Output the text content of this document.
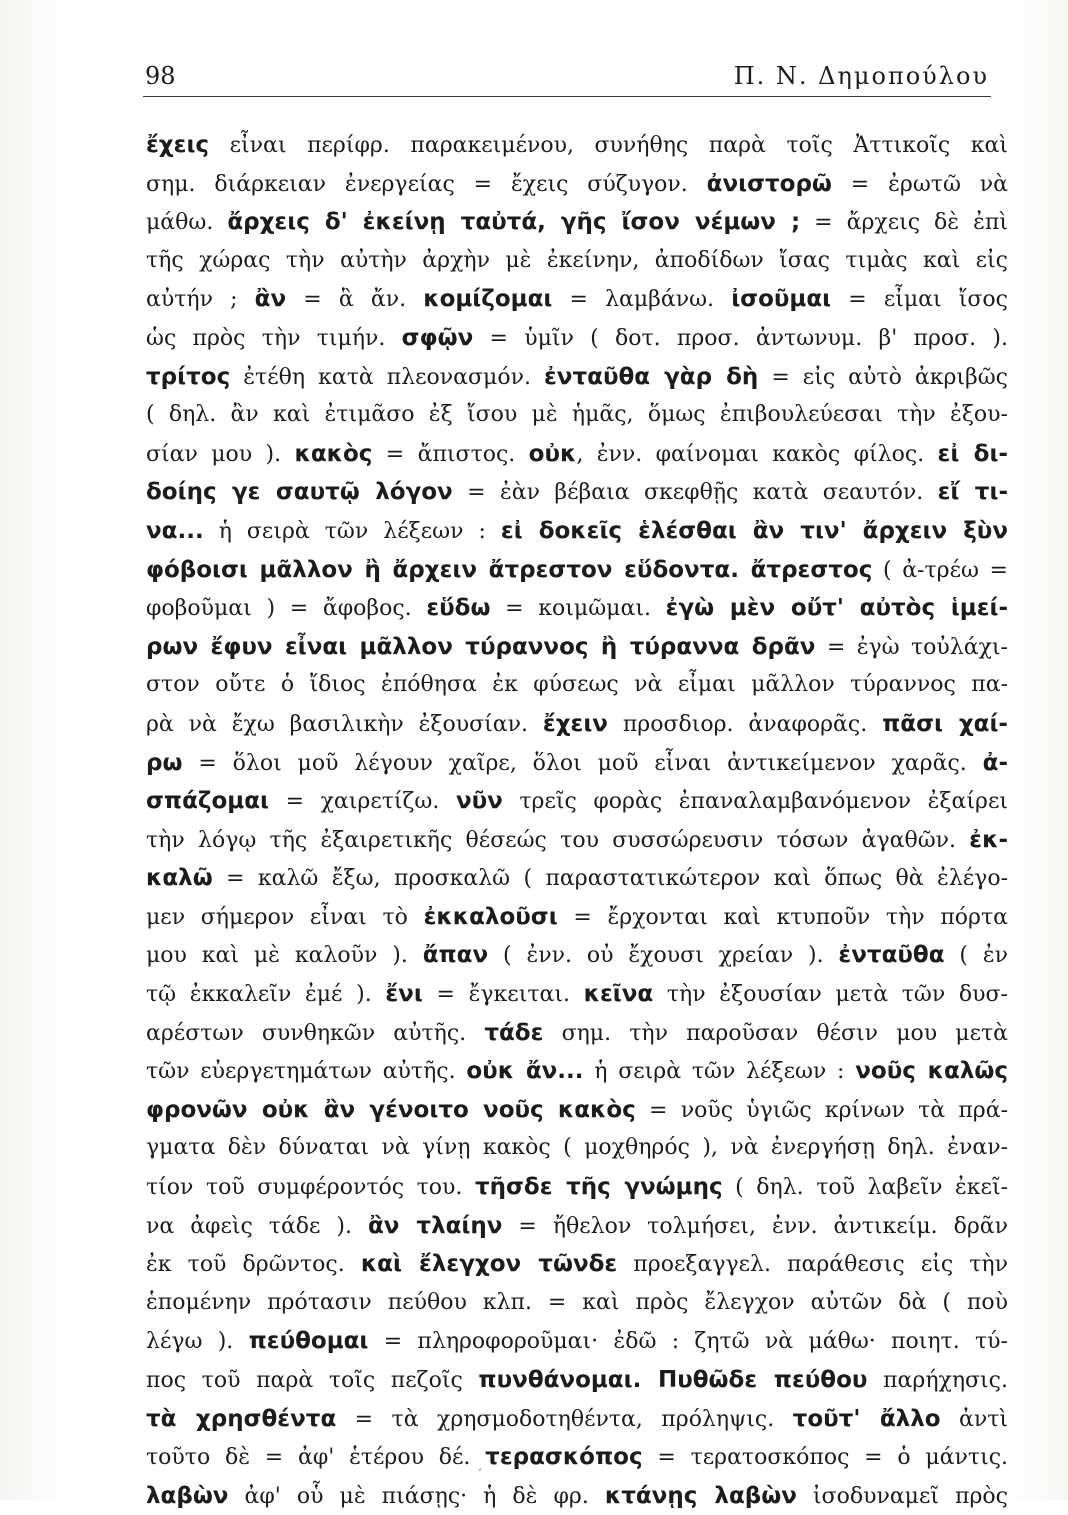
98	Π. Ν. Δημοπούλου
ἔχεις εἶναι περίφρ. παρακειμένου, συνήθης παρὰ τοῖς Ἀττικοῖς καὶ
σημ. διάρκειαν ἐνεργείας = ἔχεις σύζυγον. ἀνιστορῶ = ἐρωτῶ νὰ
μάθω. ἄρχεις δ' ἐκείνῃ ταὐτά, γῆς ἴσον νέμων ; = ἄρχεις δὲ ἐπὶ
τῆς χώρας τὴν αὐτὴν ἀρχὴν μὲ ἐκείνην, ἀποδίδων ἴσας τιμὰς καὶ εἰς
αὐτήν ; ἂν = ἃ ἄν. κομίζομαι = λαμβάνω. ἰσοῦμαι = εἶμαι ἴσος
ὡς πρὸς τὴν τιμήν. σφῷν = ὑμῖν ( δοτ. προσ. ἀντωνυμ. β' προσ. ).
τρίτος ἐτέθη κατὰ πλεονασμόν. ἐνταῦθα γὰρ δὴ = εἰς αὐτὸ ἀκριβῶς
( δηλ. ἂν καὶ ἐτιμᾶσο ἐξ ἴσου μὲ ἡμᾶς, ὅμως ἐπιβουλεύεσαι τὴν ἐξου-
σίαν μου ). κακὸς = ἄπιστος. οὐκ, ἐνν. φαίνομαι κακὸς φίλος. εἰ δι-
δοίης γε σαυτῷ λόγον = ἐὰν βέβαια σκεφθῇς κατὰ σεαυτόν. εἴ τι-
να... ἡ σειρὰ τῶν λέξεων : εἰ δοκεῖς ἑλέσθαι ἂν τιν' ἄρχειν ξὺν
φόβοισι μᾶλλον ἢ ἄρχειν ἄτρεστον εὕδοντα. ἄτρεστος ( ἀ-τρέω =
φοβοῦμαι ) = ἄφοβος. εὕδω = κοιμῶμαι. ἐγὼ μὲν οὔτ' αὐτὸς ἱμεί-
ρων ἔφυν εἶναι μᾶλλον τύραννος ἢ τύραννα δρᾶν = ἐγὼ τοὐλάχι-
στον οὔτε ὁ ἴδιος ἐπόθησα ἐκ φύσεως νὰ εἶμαι μᾶλλον τύραννος πα-
ρὰ νὰ ἔχω βασιλικὴν ἐξουσίαν. ἔχειν προσδιορ. ἀναφορᾶς. πᾶσι χαί-
ρω = ὅλοι μοῦ λέγουν χαῖρε, ὅλοι μοῦ εἶναι ἀντικείμενον χαρᾶς. ἀ-
σπάζομαι = χαιρετίζω. νῦν τρεῖς φορὰς ἐπαναλαμβανόμενον ἐξαίρει
τὴν λόγῳ τῆς ἐξαιρετικῆς θέσεώς του συσσώρευσιν τόσων ἀγαθῶν. ἐκ-
καλῶ = καλῶ ἔξω, προσκαλῶ ( παραστατικώτερον καὶ ὅπως θὰ ἐλέγο-
μεν σήμερον εἶναι τὸ ἐκκαλοῦσι = ἔρχονται καὶ κτυποῦν τὴν πόρτα
μου καὶ μὲ καλοῦν ). ἄπαν ( ἐνν. οὐ ἔχουσι χρείαν ). ἐνταῦθα ( ἐν
τῷ ἐκκαλεῖν ἐμέ ). ἔνι = ἔγκειται. κεῖνα τὴν ἐξουσίαν μετὰ τῶν δυσ-
αρέστων συνθηκῶν αὐτῆς. τάδε σημ. τὴν παροῦσαν θέσιν μου μετὰ
τῶν εὐεργετημάτων αὐτῆς. οὐκ ἄν... ἡ σειρὰ τῶν λέξεων : νοῦς καλῶς
φρονῶν οὐκ ἂν γένοιτο νοῦς κακὸς = νοῦς ὑγιῶς κρίνων τὰ πρά-
γματα δὲν δύναται νὰ γίνῃ κακὸς ( μοχθηρός ), νὰ ἐνεργήσῃ δηλ. ἐναν-
τίον τοῦ συμφέροντός του. τῆσδε τῆς γνώμης ( δηλ. τοῦ λαβεῖν ἐκεῖ-
να ἀφεὶς τάδε ). ἂν τλαίην = ἤθελον τολμήσει, ἐνν. ἀντικείμ. δρᾶν
ἐκ τοῦ δρῶντος. καὶ ἔλεγχον τῶνδε προεξαγγελ. παράθεσις εἰς τὴν
ἑπομένην πρότασιν πεύθου κλπ. = καὶ πρὸς ἔλεγχον αὐτῶν δὰ ( ποὺ
λέγω ). πεύθομαι = πληροφοροῦμαι· ἐδῶ : ζητῶ νὰ μάθω· ποιητ. τύ-
πος τοῦ παρὰ τοῖς πεζοῖς πυνθάνομαι. Πυθῶδε πεύθου παρήχησις.
τὰ χρησθέντα = τὰ χρησμοδοτηθέντα, πρόληψις. τοῦτ' ἄλλο ἀντὶ
τοῦτο δὲ = ἀφ' ἑτέρου δέ. τερασκόπος = τερατοσκόπος = ὁ μάντις.
λαβὼν ἀφ' οὗ μὲ πιάσῃς· ἡ δὲ φρ. κτάνῃς λαβὼν ἰσοδυναμεῖ πρὸς
ʻ
